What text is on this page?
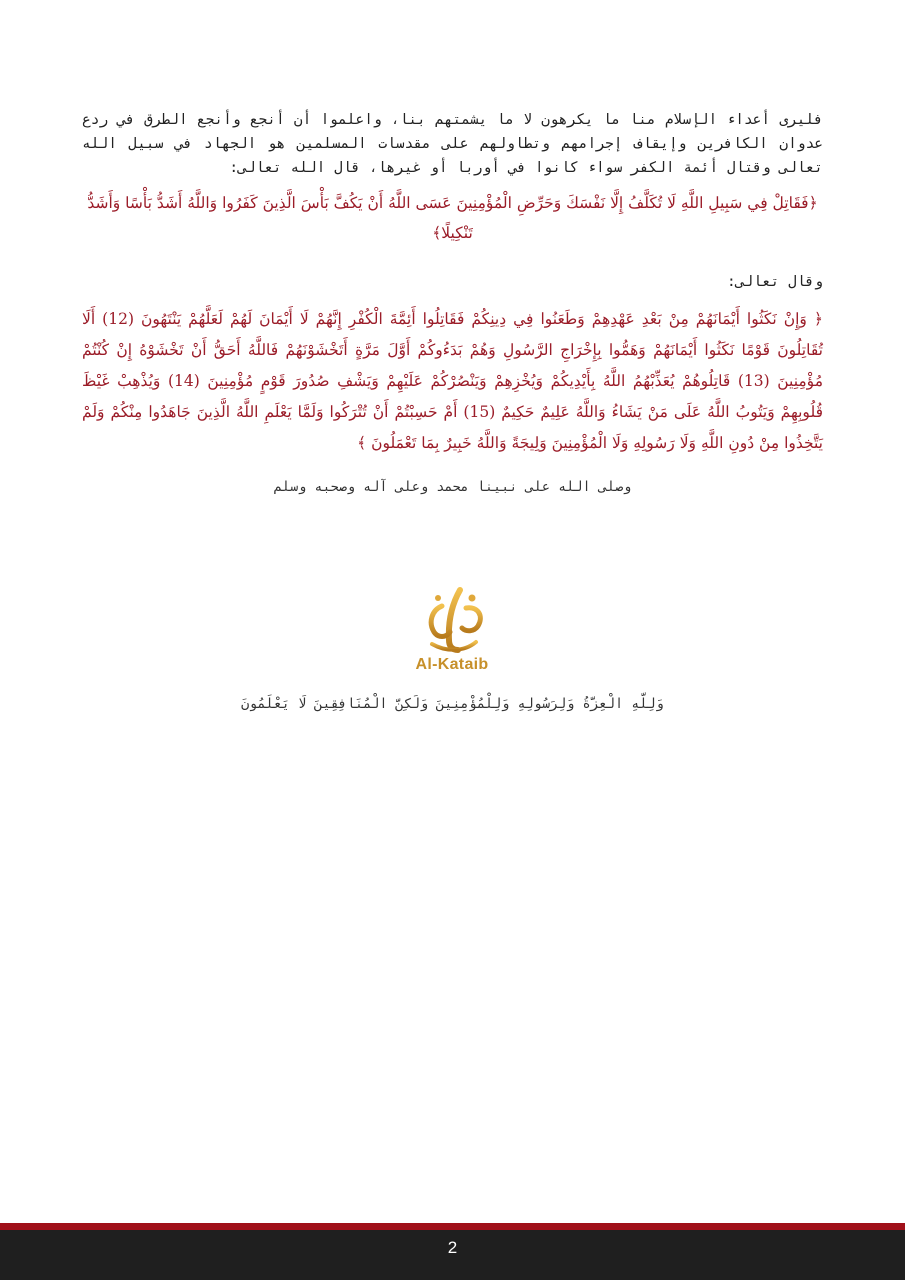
فليرى أعداء الإسلام منا ما يكرهون لا ما يشمتهم بنا، واعلموا أن أنجع وأنجع الطرق في ردع عدوان الكافرين وإيقاف إجرامهم وتطاولهم على مقدسات المسلمين هو الجهاد في سبيل الله تعالى وقتال أئمة الكفر سواء كانوا في أوربا أو غيرها، قال الله تعالى:

﴿فَقَاتِلْ فِي سَبِيلِ اللَّهِ لَا تُكَلَّفُ إِلَّا نَفْسَكَ وَحَرِّضِ الْمُؤْمِنِينَ عَسَى اللَّهُ أَنْ يَكُفَّ بَأْسَ الَّذِينَ كَفَرُوا وَاللَّهُ أَشَدُّ بَأْسًا وَأَشَدُّ تَنْكِيلًا﴾

وقال تعالى:

﴿ وَإِنْ نَكَثُوا أَيْمَانَهُمْ مِنْ بَعْدِ عَهْدِهِمْ وَطَعَنُوا فِي دِينِكُمْ فَقَاتِلُوا أَئِمَّةَ الْكُفْرِ إِنَّهُمْ لَا أَيْمَانَ لَهُمْ لَعَلَّهُمْ يَنْتَهُونَ (12) أَلَا تُقَاتِلُونَ قَوْمًا نَكَثُوا أَيْمَانَهُمْ وَهَمُّوا بِإِخْرَاجِ الرَّسُولِ وَهُمْ بَدَءُوكُمْ أَوَّلَ مَرَّةٍ أَتَخْشَوْنَهُمْ فَاللَّهُ أَحَقُّ أَنْ تَخْشَوْهُ إِنْ كُنْتُمْ مُؤْمِنِينَ (13) قَاتِلُوهُمْ يُعَذِّبْهُمُ اللَّهُ بِأَيْدِيكُمْ وَيُخْزِهِمْ وَيَنْصُرْكُمْ عَلَيْهِمْ وَيَشْفِ صُدُورَ قَوْمٍ مُؤْمِنِينَ (14) وَيُذْهِبْ غَيْظَ قُلُوبِهِمْ وَيَتُوبُ اللَّهُ عَلَى مَنْ يَشَاءُ وَاللَّهُ عَلِيمٌ حَكِيمٌ (15) أَمْ حَسِبْتُمْ أَنْ تُتْرَكُوا وَلَمَّا يَعْلَمِ اللَّهُ الَّذِينَ جَاهَدُوا مِنْكُمْ وَلَمْ يَتَّخِذُوا مِنْ دُونِ اللَّهِ وَلَا رَسُولِهِ وَلَا الْمُؤْمِنِينَ وَلِيجَةً وَاللَّهُ خَبِيرٌ بِمَا تَعْمَلُونَ ﴾

وصلى الله على نبينا محمد وعلى آله وصحبه وسلم
Al-Kataib
وَلِلَّهِ الْعِزَّةُ وَلِرَسُولِهِ وَلِلْمُؤْمِنِينَ وَلَكِنَّ الْمُنَافِقِينَ لَا يَعْلَمُونَ
2
